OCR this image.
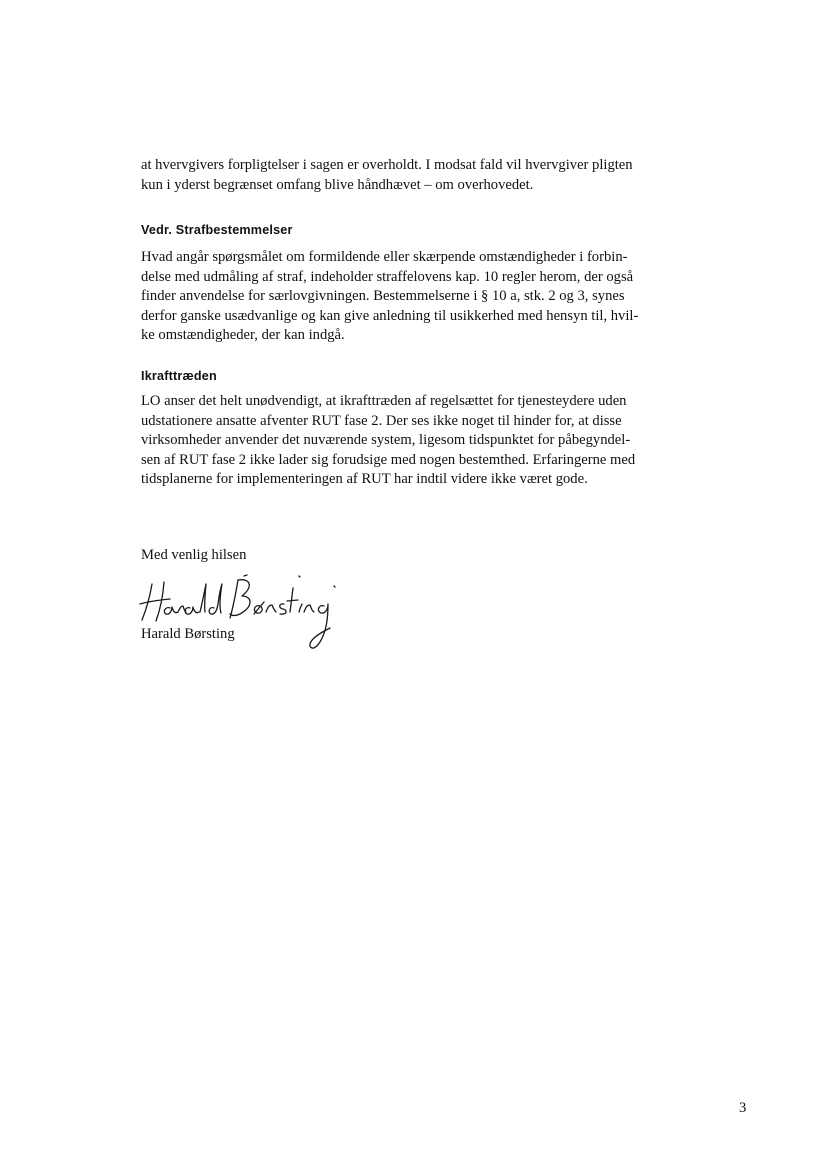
at hvervgivers forpligtelser i sagen er overholdt. I modsat fald vil hvervgiver pligten
kun i yderst begrænset omfang blive håndhævet – om overhovedet.
Vedr. Strafbestemmelser
Hvad angår spørgsmålet om formildende eller skærpende omstændigheder i forbin-
delse med udmåling af straf, indeholder straffelovens kap. 10 regler herom, der også
finder anvendelse for særlovgivningen. Bestemmelserne i § 10 a, stk. 2 og 3, synes
derfor ganske usædvanlige og kan give anledning til usikkerhed med hensyn til, hvil-
ke omstændigheder, der kan indgå.
Ikrafttræden
LO anser det helt unødvendigt, at ikrafttræden af regelsættet for tjenesteydere uden
udstationere ansatte afventer RUT fase 2. Der ses ikke noget til hinder for, at disse
virksomheder anvender det nuværende system, ligesom tidspunktet for påbegyndel-
sen af RUT fase 2 ikke lader sig forudsige med nogen bestemthed. Erfaringerne med
tidsplanerne for implementeringen af RUT har indtil videre ikke været gode.
Med venlig hilsen
Harald Børsting
3
